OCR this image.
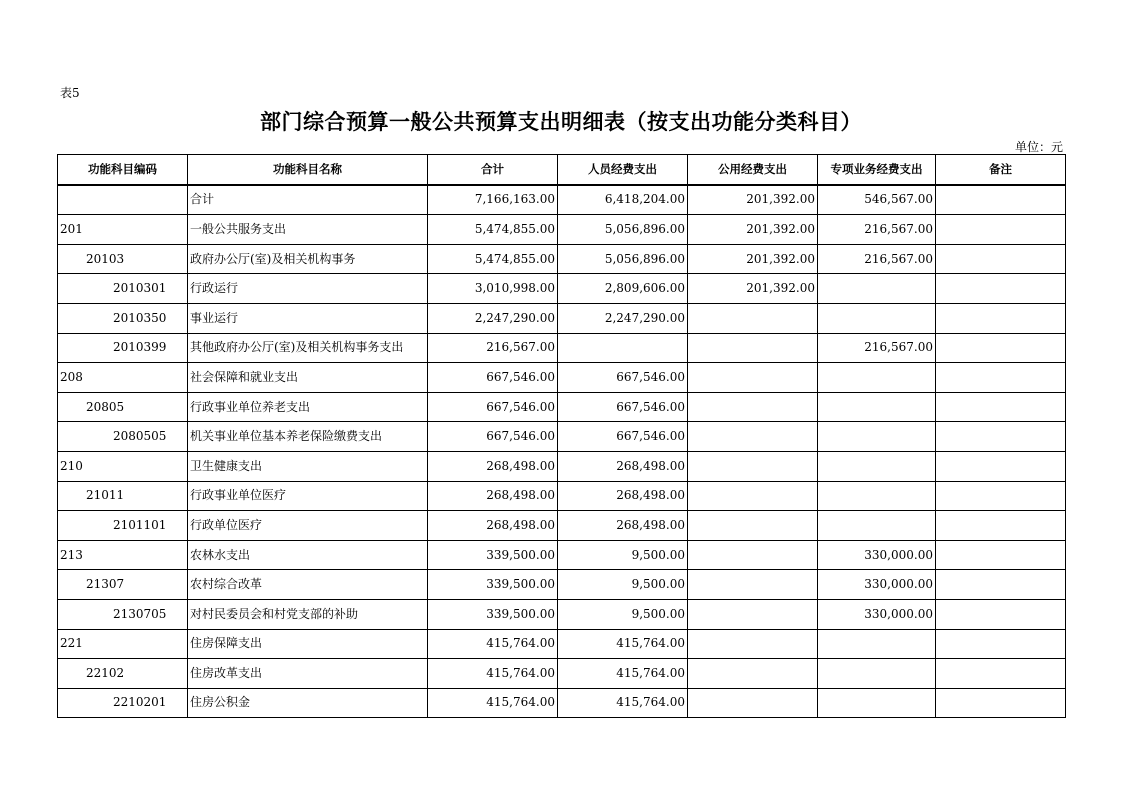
表5
部门综合预算一般公共预算支出明细表（按支出功能分类科目）
单位：元
功能科目编码	功能科目名称	合计	人员经费支出	公用经费支出	专项业务经费支出	备注
	合计	7,166,163.00	6,418,204.00	201,392.00	546,567.00	
201	一般公共服务支出	5,474,855.00	5,056,896.00	201,392.00	216,567.00	
20103	政府办公厅(室)及相关机构事务	5,474,855.00	5,056,896.00	201,392.00	216,567.00	
2010301	行政运行	3,010,998.00	2,809,606.00	201,392.00		
2010350	事业运行	2,247,290.00	2,247,290.00			
2010399	其他政府办公厅(室)及相关机构事务支出	216,567.00			216,567.00	
208	社会保障和就业支出	667,546.00	667,546.00			
20805	行政事业单位养老支出	667,546.00	667,546.00			
2080505	机关事业单位基本养老保险缴费支出	667,546.00	667,546.00			
210	卫生健康支出	268,498.00	268,498.00			
21011	行政事业单位医疗	268,498.00	268,498.00			
2101101	行政单位医疗	268,498.00	268,498.00			
213	农林水支出	339,500.00	9,500.00		330,000.00	
21307	农村综合改革	339,500.00	9,500.00		330,000.00	
2130705	对村民委员会和村党支部的补助	339,500.00	9,500.00		330,000.00	
221	住房保障支出	415,764.00	415,764.00			
22102	住房改革支出	415,764.00	415,764.00			
2210201	住房公积金	415,764.00	415,764.00			
